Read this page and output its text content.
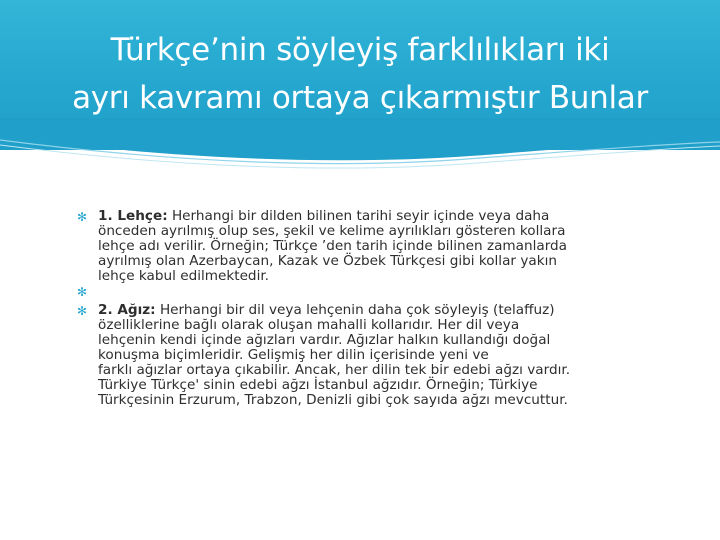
Türkçe’nin söyleyiş farklılıkları iki
ayrı kavramı ortaya çıkarmıştır Bunlar
✻ 1. Lehçe: Herhangi bir dilden bilinen tarihi seyir içinde veya daha

önceden ayrılmış olup ses, şekil ve kelime ayrılıkları gösteren kollara

lehçe adı verilir. Örneğin; Türkçe ’den tarih içinde bilinen zamanlarda

ayrılmış olan Azerbaycan, Kazak ve Özbek Türkçesi gibi kollar yakın

lehçe kabul edilmektedir.

✻
✻ 2. Ağız: Herhangi bir dil veya lehçenin daha çok söyleyiş (telaffuz)

özelliklerine bağlı olarak oluşan mahalli kollarıdır. Her dil veya

lehçenin kendi içinde ağızları vardır. Ağızlar halkın kullandığı doğal

konuşma biçimleridir. Gelişmiş her dilin içerisinde yeni ve

farklı ağızlar ortaya çıkabilir. Ancak, her dilin tek bir edebi ağzı vardır.

Türkiye Türkçe' sinin edebi ağzı İstanbul ağzıdır. Örneğin; Türkiye

Türkçesinin Erzurum, Trabzon, Denizli gibi çok sayıda ağzı mevcuttur.
